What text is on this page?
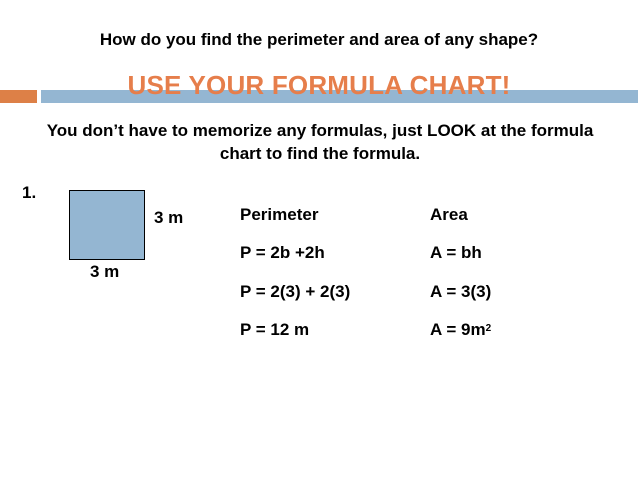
How do you find the perimeter and area of any shape?
USE YOUR FORMULA CHART!
You don’t have to memorize any formulas, just LOOK at the formula chart to find the formula.
1.
3 m
3 m
Perimeter
P = 2b +2h
P = 2(3) + 2(3)
P = 12 m
Area
A = bh
A = 3(3)
$A = 9m^2$
